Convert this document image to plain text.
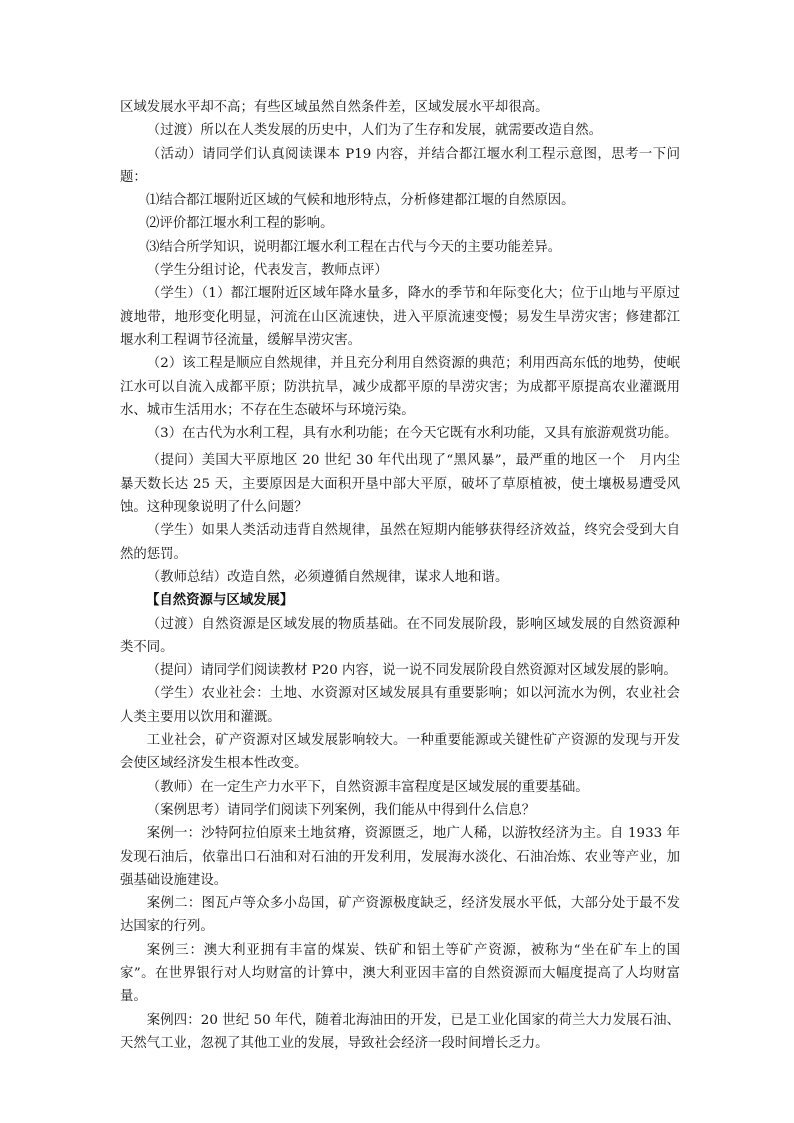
区域发展水平却不高；有些区域虽然自然条件差，区域发展水平却很高。

（过渡）所以在人类发展的历史中，人们为了生存和发展，就需要改造自然。

（活动）请同学们认真阅读课本 P19 内容，并结合都江堰水利工程示意图，思考一下问题：

⑴结合都江堰附近区域的气候和地形特点，分析修建都江堰的自然原因。

⑵评价都江堰水利工程的影响。

⑶结合所学知识，说明都江堰水利工程在古代与今天的主要功能差异。

（学生分组讨论，代表发言，教师点评）

（学生）（1）都江堰附近区域年降水量多，降水的季节和年际变化大；位于山地与平原过渡地带，地形变化明显，河流在山区流速快，进入平原流速变慢；易发生旱涝灾害；修建都江堰水利工程调节径流量，缓解旱涝灾害。

（2）该工程是顺应自然规律，并且充分利用自然资源的典范；利用西高东低的地势，使岷江水可以自流入成都平原；防洪抗旱，减少成都平原的旱涝灾害；为成都平原提高农业灌溉用水、城市生活用水；不存在生态破坏与环境污染。

（3）在古代为水利工程，具有水利功能；在今天它既有水利功能，又具有旅游观赏功能。

（提问）美国大平原地区 20 世纪 30 年代出现了“黑风暴”，最严重的地区一个　月内尘暴天数长达 25 天，主要原因是大面积开垦中部大平原，破坏了草原植被，使土壤极易遭受风蚀。这种现象说明了什么问题？

（学生）如果人类活动违背自然规律，虽然在短期内能够获得经济效益，终究会受到大自然的惩罚。

（教师总结）改造自然，必须遵循自然规律，谋求人地和谐。

【自然资源与区域发展】

（过渡）自然资源是区域发展的物质基础。在不同发展阶段，影响区域发展的自然资源种类不同。

（提问）请同学们阅读教材 P20 内容，说一说不同发展阶段自然资源对区域发展的影响。

（学生）农业社会：土地、水资源对区域发展具有重要影响；如以河流水为例，农业社会人类主要用以饮用和灌溉。

工业社会，矿产资源对区域发展影响较大。一种重要能源或关键性矿产资源的发现与开发会使区域经济发生根本性改变。

（教师）在一定生产力水平下，自然资源丰富程度是区域发展的重要基础。

（案例思考）请同学们阅读下列案例，我们能从中得到什么信息？

案例一：沙特阿拉伯原来土地贫瘠，资源匮乏，地广人稀，以游牧经济为主。自 1933 年发现石油后，依靠出口石油和对石油的开发利用，发展海水淡化、石油冶炼、农业等产业，加强基础设施建设。

案例二：图瓦卢等众多小岛国，矿产资源极度缺乏，经济发展水平低，大部分处于最不发达国家的行列。

案例三：澳大利亚拥有丰富的煤炭、铁矿和铝土等矿产资源，被称为“坐在矿车上的国家”。在世界银行对人均财富的计算中，澳大利亚因丰富的自然资源而大幅度提高了人均财富量。

案例四：20 世纪 50 年代，随着北海油田的开发，已是工业化国家的荷兰大力发展石油、天然气工业，忽视了其他工业的发展，导致社会经济一段时间增长乏力。
